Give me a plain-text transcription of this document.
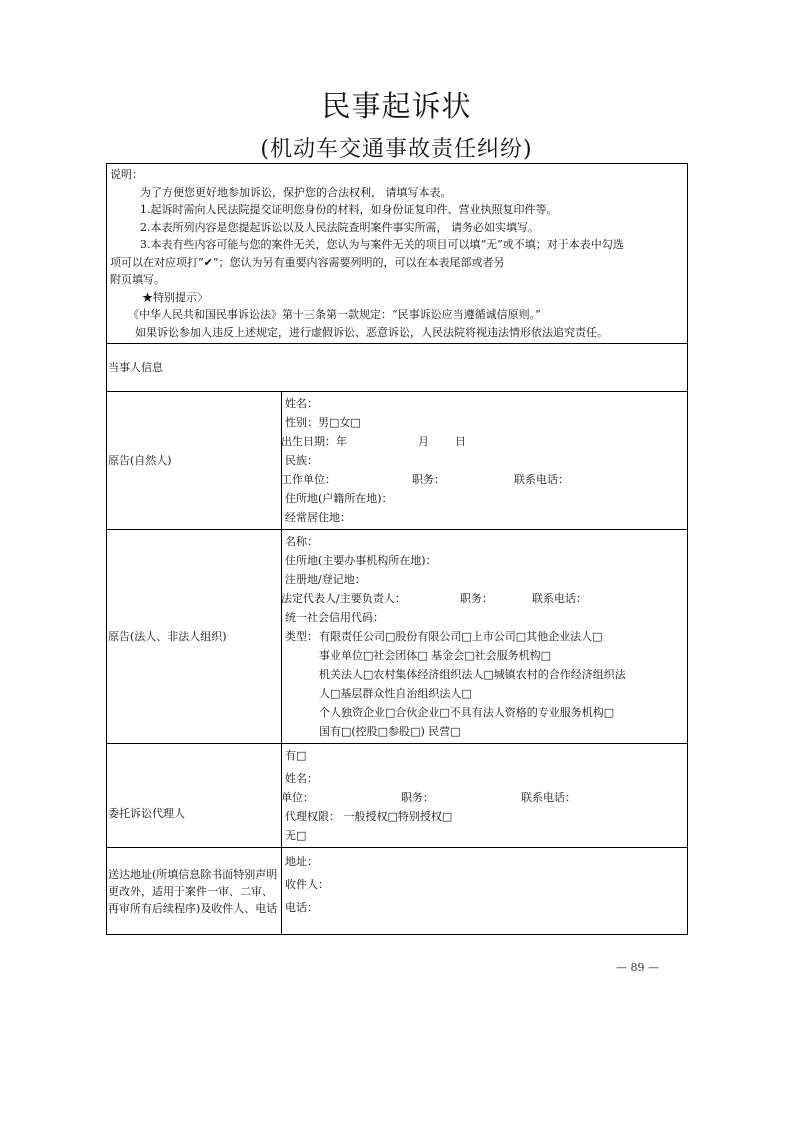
民事起诉状
(机动车交通事故责任纠纷)
说明：
为了方便您更好地参加诉讼，保护您的合法权利， 请填写本表。
1.起诉时需向人民法院提交证明您身份的材料，如身份证复印件、营业执照复印件等。
2.本表所列内容是您提起诉讼以及人民法院查明案件事实所需， 请务必如实填写。
3.本表有些内容可能与您的案件无关，您认为与案件无关的项目可以填“无”或不填；对于本表中勾选
项可以在对应项打“✔”；您认为另有重要内容需要列明的，可以在本表尾部或者另
附页填写。
★特别提示〉
《中华人民共和国民事诉讼法》第十三条第一款规定：“民事诉讼应当遵循诚信原则。”
如果诉讼参加人违反上述规定，进行虚假诉讼、恶意诉讼，人民法院将视违法情形依法追究责任。

当事人信息	
原告(自然人)	
姓名：
性别：男□女□
出生日期：年	月 日
民族：
工作单位：	职务：	联系电话：
住所地(户籍所在地)：
经常居住地：

原告(法人、非法人组织)	
名称：
住所地(主要办事机构所在地)：
注册地/登记地：
法定代表人/主要负责人：	职务：	联系电话：
统一社会信用代码：
类型： 有限责任公司□股份有限公司□上市公司□其他企业法人□
事业单位□社会团体□ 基金会□社会服务机构□
机关法人□农村集体经济组织法人□城镇农村的合作经济组织法
人□基层群众性自治组织法人□
个人独资企业□合伙企业□不具有法人资格的专业服务机构□
国有□(控股□参股□) 民营□

委托诉讼代理人	
有□
姓名：
单位：	职务：	联系电话：
代理权限： 一般授权□特别授权□
无□

送达地址(所填信息除书面特别声明更改外，适用于案件一审、二审、再审所有后续程序)及收件人、电话	地址：
收件人：
电话：
— 89 —
